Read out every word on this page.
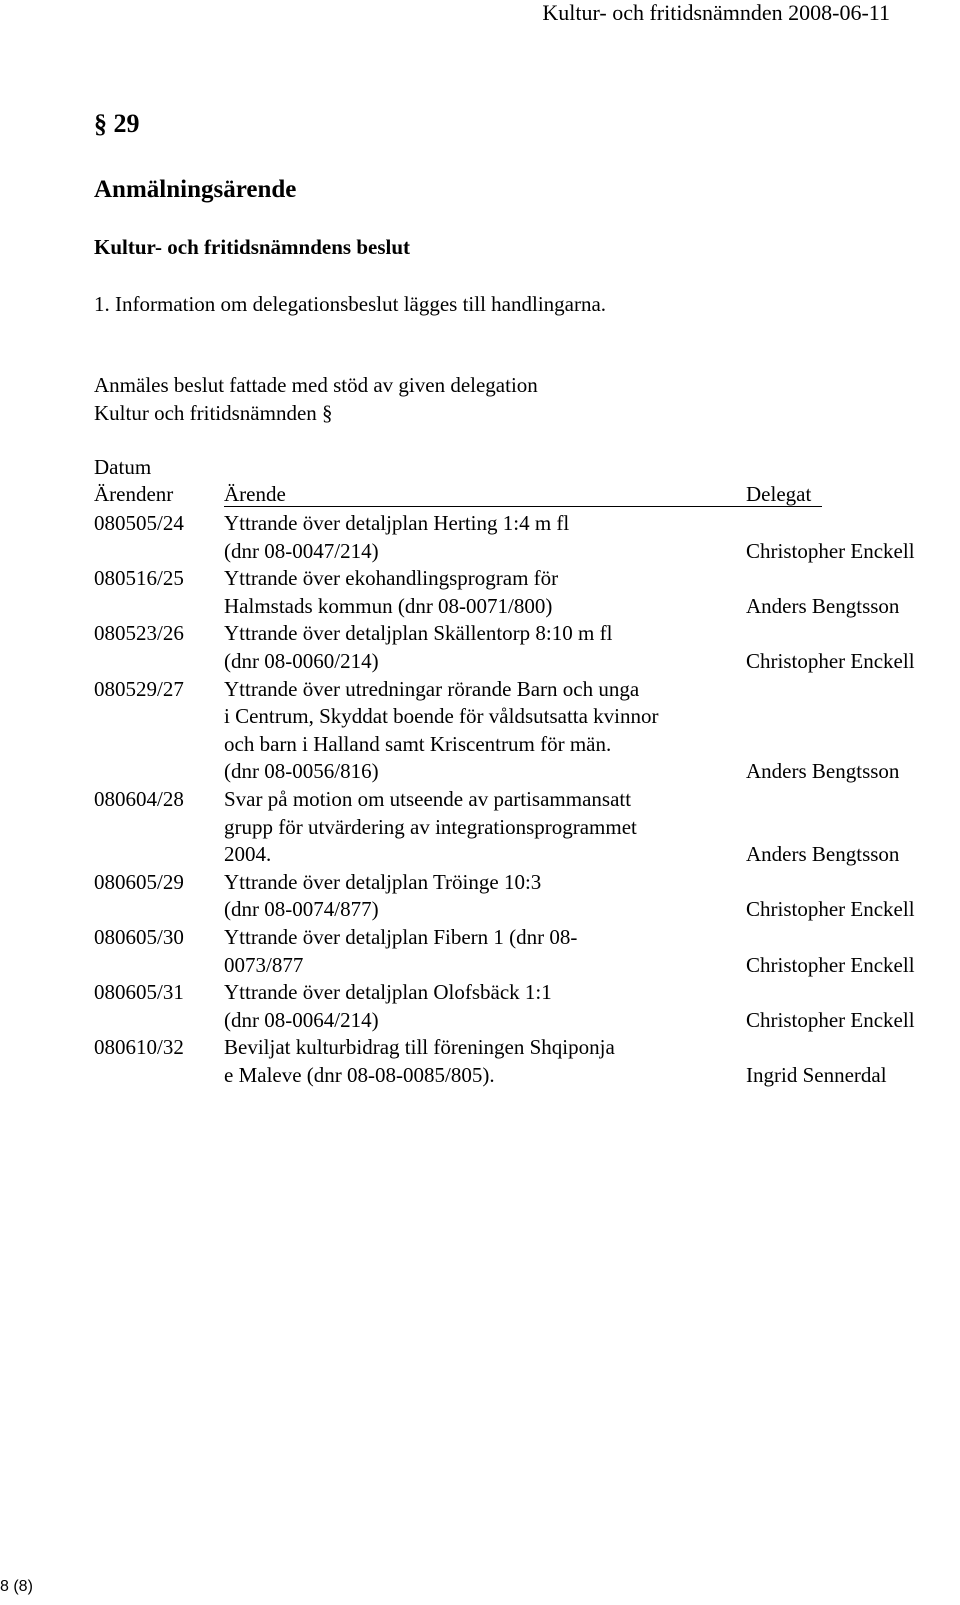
Kultur- och fritidsnämnden 2008-06-11
§ 29
Anmälningsärende
Kultur- och fritidsnämndens beslut
1. Information om delegationsbeslut lägges till handlingarna.
Anmäles beslut fattade med stöd av given delegation
Kultur och fritidsnämnden §
Datum
Ärendenr Ärende	Delegat
080505/24 Yttrande över detaljplan Herting 1:4 m fl
(dnr 08-0047/214)	Christopher Enckell
080516/25 Yttrande över ekohandlingsprogram för
Halmstads kommun (dnr 08-0071/800)	Anders Bengtsson
080523/26 Yttrande över detaljplan Skällentorp 8:10 m fl
(dnr 08-0060/214)	Christopher Enckell
080529/27 Yttrande över utredningar rörande Barn och unga
i Centrum, Skyddat boende för våldsutsatta kvinnor
och barn i Halland samt Kriscentrum för män.
(dnr 08-0056/816)	Anders Bengtsson
080604/28 Svar på motion om utseende av partisammansatt
grupp för utvärdering av integrationsprogrammet
2004.	Anders Bengtsson
080605/29 Yttrande över detaljplan Tröinge 10:3
(dnr 08-0074/877)	Christopher Enckell
080605/30 Yttrande över detaljplan Fibern 1 (dnr 08-
0073/877	Christopher Enckell
080605/31 Yttrande över detaljplan Olofsbäck 1:1
(dnr 08-0064/214)	Christopher Enckell
080610/32 Beviljat kulturbidrag till föreningen Shqiponja
e Maleve (dnr 08-08-0085/805).	Ingrid Sennerdal
8 (8)
